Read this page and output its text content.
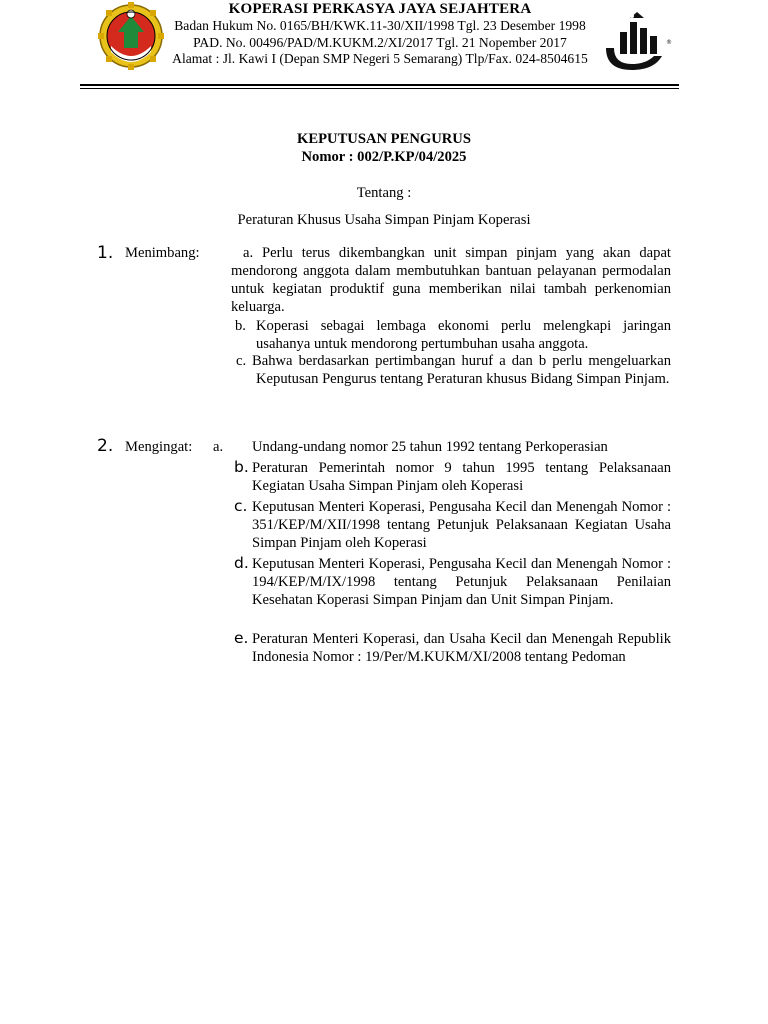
KOPERASI PERKASYA JAYA SEJAHTERA
Badan Hukum No. 0165/BH/KWK.11-30/XII/1998 Tgl. 23 Desember 1998
PAD. No. 00496/PAD/M.KUKM.2/XI/2017 Tgl. 21 Nopember 2017
Alamat : Jl. Kawi I (Depan SMP Negeri 5 Semarang) Tlp/Fax. 024-8504615
®
KEPUTUSAN PENGURUS
Nomor : 002/P.KP/04/2025
Tentang :
Peraturan Khusus Usaha Simpan Pinjam Koperasi
1. Menimbang:	a. Perlu terus dikembangkan unit simpan pinjam yang akan dapat mendorong anggota dalam membutuhkan bantuan pelayanan permodalan untuk kegiatan produktif guna memberikan nilai tambah perkenomian keluarga.
b. Koperasi sebagai lembaga ekonomi perlu melengkapi jaringan usahanya untuk mendorong pertumbuhan usaha anggota.
c. Bahwa berdasarkan pertimbangan huruf a dan b perlu mengeluarkan Keputusan Pengurus tentang Peraturan khusus Bidang Simpan Pinjam.
2. Mengingat: a. Undang-undang nomor 25 tahun 1992 tentang Perkoperasian
b. Peraturan Pemerintah nomor 9 tahun 1995 tentang Pelaksanaan Kegiatan Usaha Simpan Pinjam oleh Koperasi
c. Keputusan Menteri Koperasi, Pengusaha Kecil dan Menengah Nomor : 351/KEP/M/XII/1998 tentang Petunjuk Pelaksanaan Kegiatan Usaha Simpan Pinjam oleh Koperasi
d. Keputusan Menteri Koperasi, Pengusaha Kecil dan Menengah Nomor : 194/KEP/M/IX/1998 tentang Petunjuk Pelaksanaan Penilaian Kesehatan Koperasi Simpan Pinjam dan Unit Simpan Pinjam.
e. Peraturan Menteri Koperasi, dan Usaha Kecil dan Menengah Republik Indonesia Nomor : 19/Per/M.KUKM/XI/2008 tentang Pedoman
